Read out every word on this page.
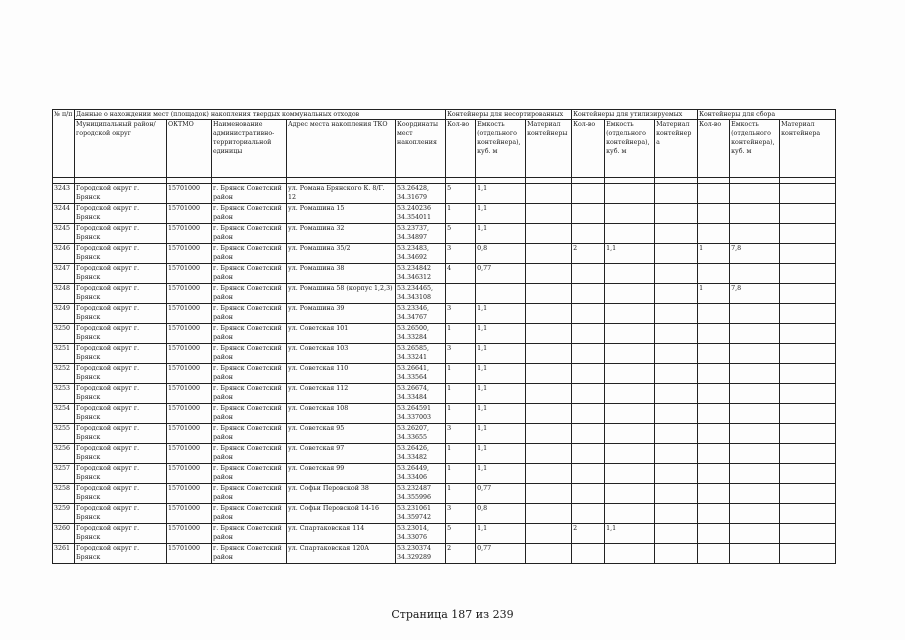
№ п/п	Данные о нахождении мест (площадок) накопления твердых коммунальных отходов					Контейнеры для несортированных			Контейнеры для утилизируемых			Контейнеры для сбора		
	Муниципальный район/городской округ	ОКТМО	Наименование административно-территориальной единицы	Адрес места накопления ТКО	Координаты мест накопления	Кол-во	Емкость (отдельного контейнера), куб. м	Материал контейнеры	Кол-во	Емкость (отдельного контейнера), куб. м	Материал контейнер а	Кол-во	Емкость (отдельного контейнера), куб. м	Материал контейнера

3243	Городской округ г. Брянск	15701000	г. Брянск Советский район	ул. Романа Брянского К. 8/Г. 12	53.26428, 34.31679	5	1,1							
3244	Городской округ г. Брянск	15701000	г. Брянск Советский район	ул. Ромашина 15	53.240236 34.354011	1	1,1							
3245	Городской округ г. Брянск	15701000	г. Брянск Советский район	ул. Ромашина 32	53.23737, 34.34897	5	1,1							
3246	Городской округ г. Брянск	15701000	г. Брянск Советский район	ул. Ромашина 35/2	53.23483, 34.34692	3	0,8		2	1,1		1	7,8	
3247	Городской округ г. Брянск	15701000	г. Брянск Советский район	ул. Ромашина 38	53.234842 34.346312	4	0,77							
3248	Городской округ г. Брянск	15701000	г. Брянск Советский район	ул. Ромашина 58 (корпус 1,2,3)	53.234465, 34.343108							1	7,8	
3249	Городской округ г. Брянск	15701000	г. Брянск Советский район	ул. Ромашина 39	53.23346, 34.34767	3	1,1							
3250	Городской округ г. Брянск	15701000	г. Брянск Советский район	ул. Советская 101	53.26500, 34.33284	1	1,1							
3251	Городской округ г. Брянск	15701000	г. Брянск Советский район	ул. Советская 103	53.26585, 34.33241	3	1,1							
3252	Городской округ г. Брянск	15701000	г. Брянск Советский район	ул. Советская 110	53.26641, 34.33564	1	1,1							
3253	Городской округ г. Брянск	15701000	г. Брянск Советский район	ул. Советская 112	53.26674, 34.33484	1	1,1							
3254	Городской округ г. Брянск	15701000	г. Брянск Советский район	ул. Советская 108	53.264591 34.337003	1	1,1							
3255	Городской округ г. Брянск	15701000	г. Брянск Советский район	ул. Советская 95	53.26207, 34.33655	3	1,1							
3256	Городской округ г. Брянск	15701000	г. Брянск Советский район	ул. Советская 97	53.26426, 34.33482	1	1,1							
3257	Городской округ г. Брянск	15701000	г. Брянск Советский район	ул. Советская 99	53.26449, 34.33406	1	1,1							
3258	Городской округ г. Брянск	15701000	г. Брянск Советский район	ул. Софьи Перовской 38	53.232487 34.355996	1	0,77							
3259	Городской округ г. Брянск	15701000	г. Брянск Советский район	ул. Софьи Перовской 14-16	53.231061 34.359742	3	0,8							
3260	Городской округ г. Брянск	15701000	г. Брянск Советский район	ул. Спартаковская 114	53.23014, 34.33076	5	1,1		2	1,1				
3261	Городской округ г. Брянск	15701000	г. Брянск Советский район	ул. Спартаковская 120А	53.230374 34.329289	2	0,77							
Страница 187 из 239
